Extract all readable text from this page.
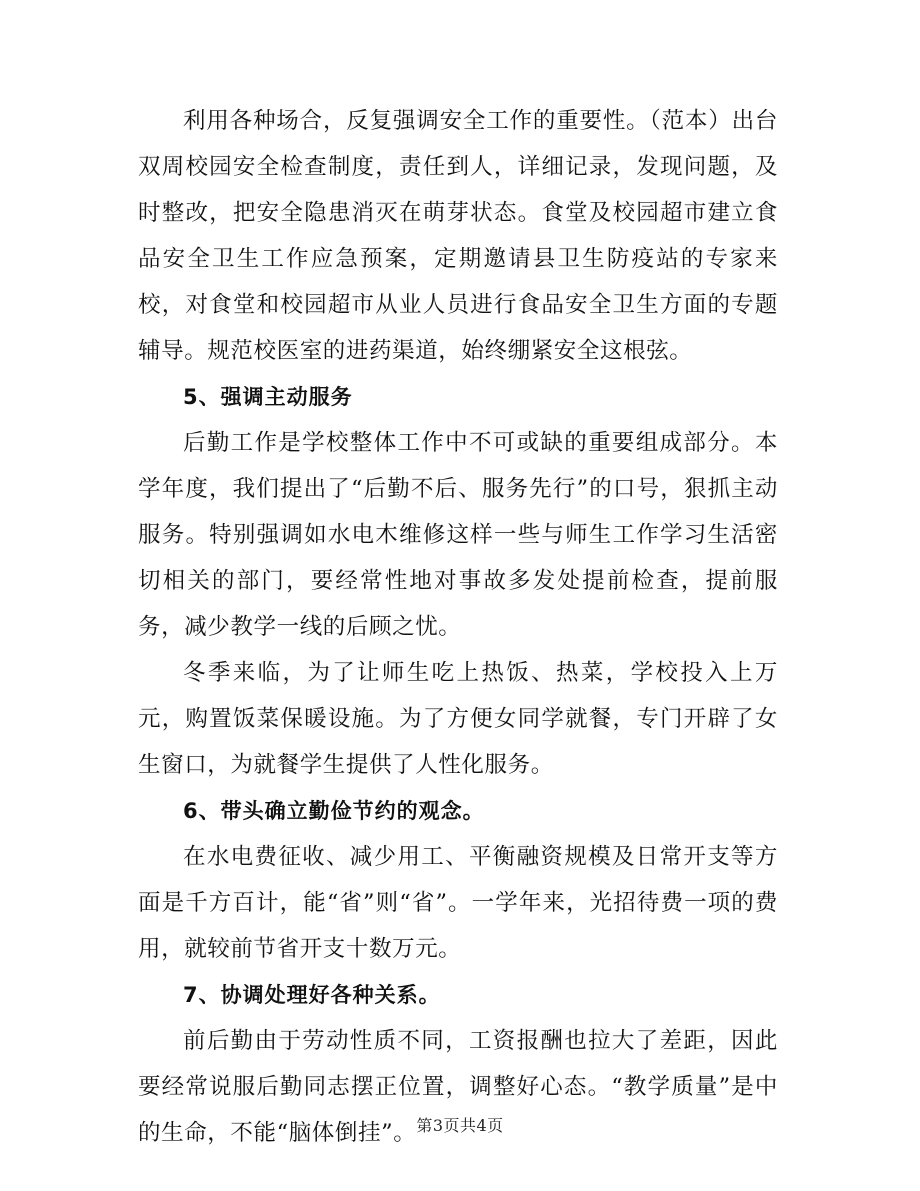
利用各种场合，反复强调安全工作的重要性。（范本）出台双周校园安全检查制度，责任到人，详细记录，发现问题，及时整改，把安全隐患消灭在萌芽状态。食堂及校园超市建立食品安全卫生工作应急预案，定期邀请县卫生防疫站的专家来校，对食堂和校园超市从业人员进行食品安全卫生方面的专题辅导。规范校医室的进药渠道，始终绷紧安全这根弦。

5、强调主动服务

后勤工作是学校整体工作中不可或缺的重要组成部分。本学年度，我们提出了“后勤不后、服务先行”的口号，狠抓主动服务。特别强调如水电木维修这样一些与师生工作学习生活密切相关的部门，要经常性地对事故多发处提前检查，提前服务，减少教学一线的后顾之忧。

冬季来临，为了让师生吃上热饭、热菜，学校投入上万元，购置饭菜保暖设施。为了方便女同学就餐，专门开辟了女生窗口，为就餐学生提供了人性化服务。

6、带头确立勤俭节约的观念。

在水电费征收、减少用工、平衡融资规模及日常开支等方面是千方百计，能“省”则“省”。一学年来，光招待费一项的费用，就较前节省开支十数万元。

7、协调处理好各种关系。

前后勤由于劳动性质不同，工资报酬也拉大了差距，因此要经常说服后勤同志摆正位置，调整好心态。“教学质量”是中的生命，不能“脑体倒挂”。 第3页共4页
